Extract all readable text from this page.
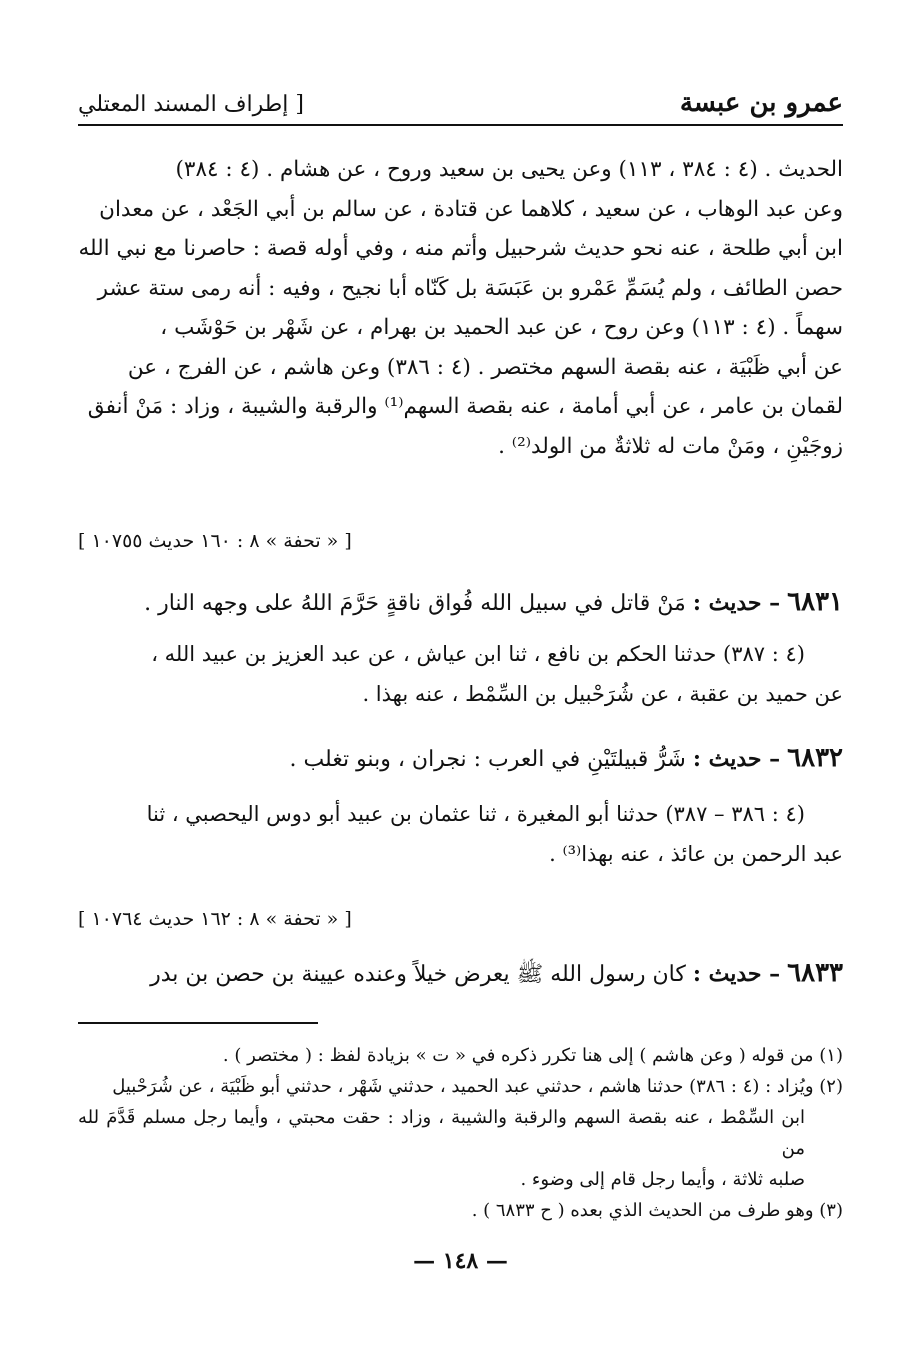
عمرو بن عبسة
[ إطراف المسند المعتلي

الحديث . (٤ : ٣٨٤ ، ١١٣) وعن يحيى بن سعيد وروح ، عن هشام . (٤ : ٣٨٤)

وعن عبد الوهاب ، عن سعيد ، كلاهما عن قتادة ، عن سالم بن أبي الجَعْد ، عن معدان

ابن أبي طلحة ، عنه نحو حديث شرحبيل وأتم منه ، وفي أوله قصة : حاصرنا مع نبي الله

حصن الطائف ، ولم يُسَمِّ عَمْرو بن عَبَسَة بل كَنّاه أبا نجيح ، وفيه : أنه رمى ستة عشر

سهماً . (٤ : ١١٣) وعن روح ، عن عبد الحميد بن بهرام ، عن شَهْر بن حَوْشَب ،

عن أبي ظَبْيَة ، عنه بقصة السهم مختصر . (٤ : ٣٨٦) وعن هاشم ، عن الفرج ، عن

لقمان بن عامر ، عن أبي أمامة ، عنه بقصة السهم⁽¹⁾ والرقبة والشيبة ، وزاد : مَنْ أنفق

زوجَيْنِ ، ومَنْ مات له ثلاثةٌ من الولد⁽²⁾ .

[ « تحفة » ٨ : ١٦٠ حديث ١٠٧٥٥ ]

٦٨٣١ – حديث : مَنْ قاتل في سبيل الله فُواق ناقةٍ حَرَّمَ اللهُ على وجهه النار .

(٤ : ٣٨٧) حدثنا الحكم بن نافع ، ثنا ابن عياش ، عن عبد العزيز بن عبيد الله ،

عن حميد بن عقبة ، عن شُرَحْبيل بن السِّمْط ، عنه بهذا .

٦٨٣٢ – حديث : شَرُّ قبيلتَيْنِ في العرب : نجران ، وبنو تغلب .

(٤ : ٣٨٦ – ٣٨٧) حدثنا أبو المغيرة ، ثنا عثمان بن عبيد أبو دوس اليحصبي ، ثنا

عبد الرحمن بن عائذ ، عنه بهذا⁽³⁾ .

[ « تحفة » ٨ : ١٦٢ حديث ١٠٧٦٤ ]

٦٨٣٣ – حديث : كان رسول الله ﷺ يعرض خيلاً وعنده عيينة بن حصن بن بدر

(١) من قوله ( وعن هاشم ) إلى هنا تكرر ذكره في « ت » بزيادة لفظ : ( مختصر ) .

(٢) ويُزاد : (٤ : ٣٨٦) حدثنا هاشم ، حدثني عبد الحميد ، حدثني شَهْر ، حدثني أبو ظَبْيَة ، عن شُرَحْبيل

ابن السِّمْط ، عنه بقصة السهم والرقبة والشيبة ، وزاد : حقت محبتي ، وأيما رجل مسلم قَدَّمَ لله من

صلبه ثلاثة ، وأيما رجل قام إلى وضوء .

(٣) وهو طرف من الحديث الذي بعده ( ح ٦٨٣٣ ) .

— ١٤٨ —
